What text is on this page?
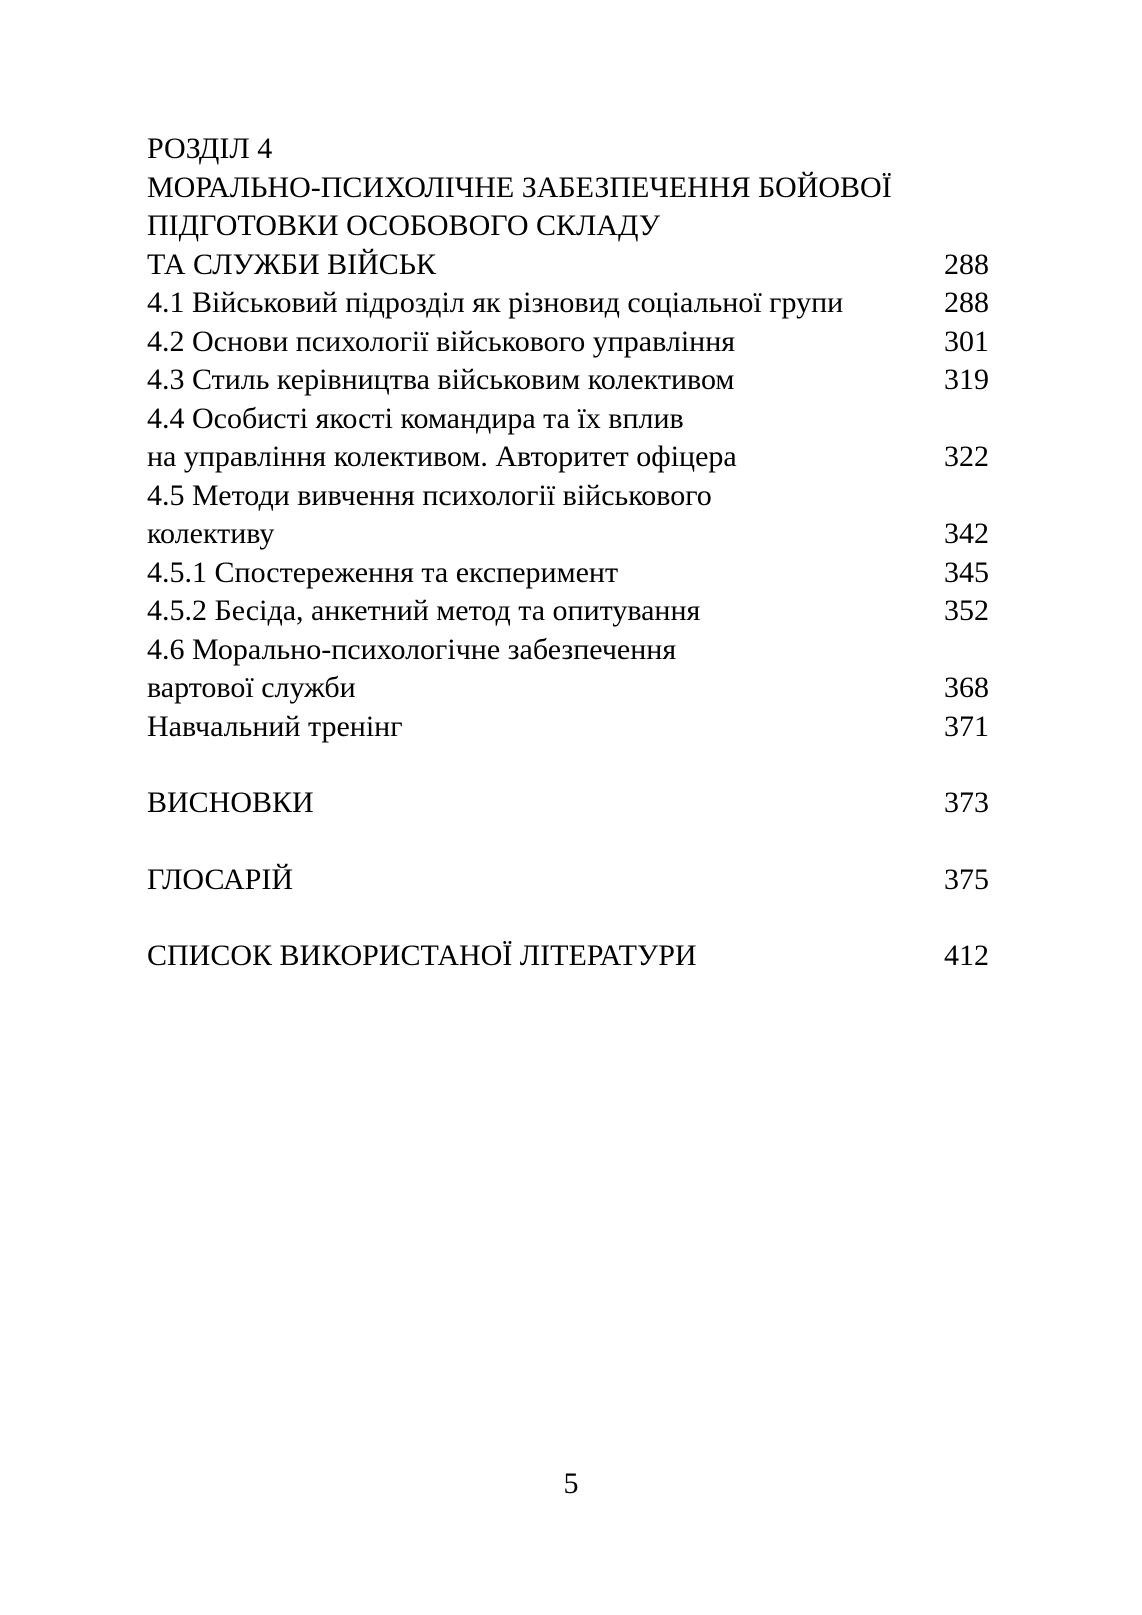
РОЗДІЛ 4
МОРАЛЬНО-ПСИХОЛІЧНЕ ЗАБЕЗПЕЧЕННЯ БОЙОВОЇ
ПІДГОТОВКИ ОСОБОВОГО СКЛАДУ
ТА СЛУЖБИ ВІЙСЬК	288
4.1 Військовий підрозділ як різновид соціальної групи	288
4.2 Основи психології військового управління	301
4.3 Стиль керівництва військовим колективом	319
4.4 Особисті якості командира та їх вплив
на управління колективом. Авторитет офіцера	322
4.5 Методи вивчення психології військового
колективу	342
4.5.1 Спостереження та експеримент	345
4.5.2 Бесіда, анкетний метод та опитування	352
4.6 Морально-психологічне забезпечення
вартової служби	368
Навчальний тренінг	371
ВИСНОВКИ	373
ГЛОСАРІЙ	375
СПИСОК ВИКОРИСТАНОЇ ЛІТЕРАТУРИ	412
5
